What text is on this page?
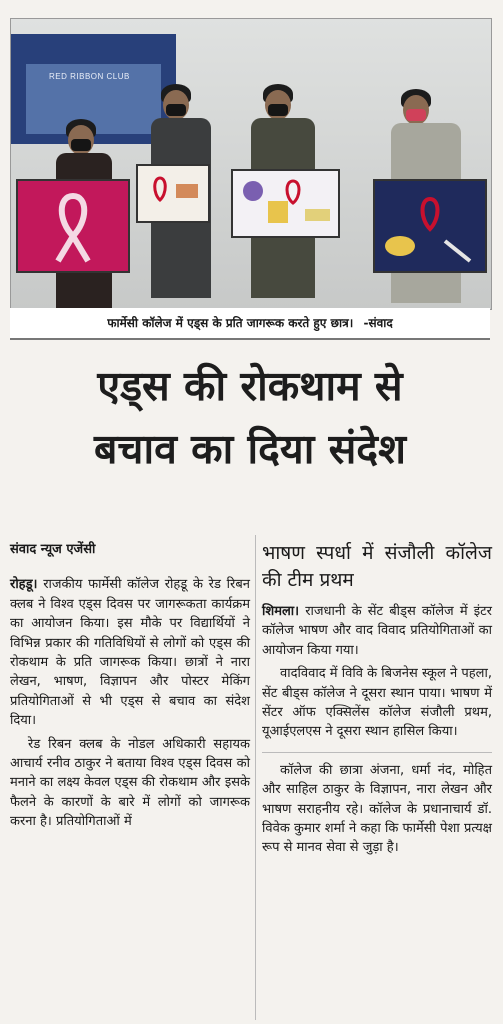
RED RIBBON CLUB
फार्मेसी कॉलेज में एड्स के प्रति जागरूक करते हुए छात्र। -संवाद
एड्स की रोकथाम से
बचाव का दिया संदेश
संवाद न्यूज एजेंसी

रोहडू। राजकीय फार्मेसी कॉलेज रोहडू के रेड रिबन क्लब ने विश्व एड्स दिवस पर जागरूकता कार्यक्रम का आयोजन किया। इस मौके पर विद्यार्थियों ने विभिन्न प्रकार की गतिविधियों से लोगों को एड्स की रोकथाम के प्रति जागरूक किया। छात्रों ने नारा लेखन, भाषण, विज्ञापन और पोस्टर मेकिंग प्रतियोगिताओं से भी एड्स से बचाव का संदेश दिया।

रेड रिबन क्लब के नोडल अधिकारी सहायक आचार्य रनीव ठाकुर ने बताया विश्व एड्स दिवस को मनाने का लक्ष्य केवल एड्स की रोकथाम और इसके फैलने के कारणों के बारे में लोगों को जागरूक करना है। प्रतियोगिताओं में

भाषण स्पर्धा में संजौली कॉलेज की टीम प्रथम

शिमला। राजधानी के सेंट बीड्स कॉलेज में इंटर कॉलेज भाषण और वाद विवाद प्रतियोगिताओं का आयोजन किया गया।

वादविवाद में विवि के बिजनेस स्कूल ने पहला, सेंट बीड्स कॉलेज ने दूसरा स्थान पाया। भाषण में सेंटर ऑफ एक्सिलेंस कॉलेज संजौली प्रथम, यूआईएलएस ने दूसरा स्थान हासिल किया।

कॉलेज की छात्रा अंजना, धर्मा नंद, मोहित और साहिल ठाकुर के विज्ञापन, नारा लेखन और भाषण सराहनीय रहे। कॉलेज के प्रधानाचार्य डॉ. विवेक कुमार शर्मा ने कहा कि फार्मेसी पेशा प्रत्यक्ष रूप से मानव सेवा से जुड़ा है।
